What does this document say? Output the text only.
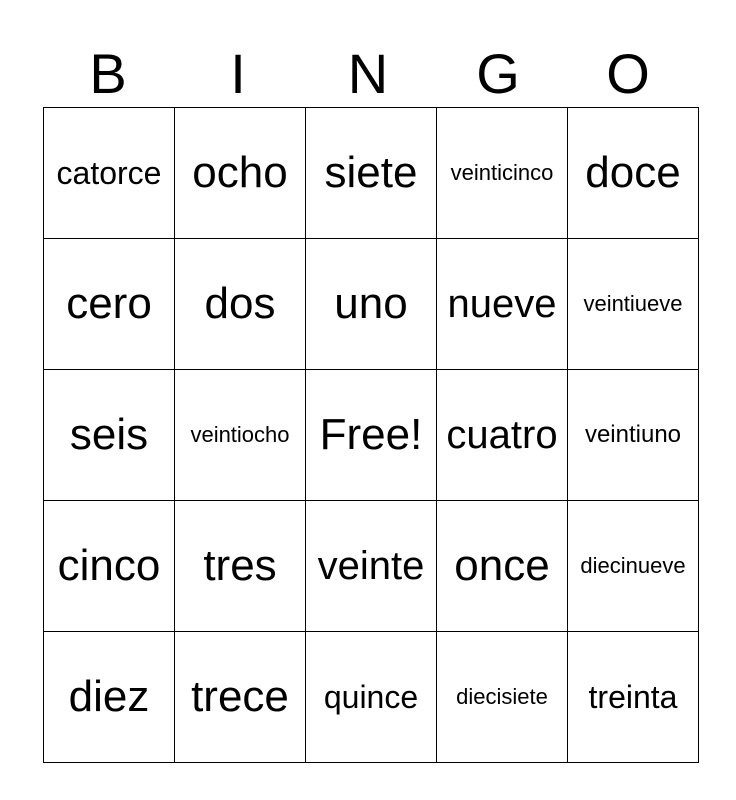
B	I	N	G	O
catorce	ocho	siete	veinticinco	doce
cero	dos	uno	nueve	veintiueve
seis	veintiocho	Free!	cuatro	veintiuno
cinco	tres	veinte	once	diecinueve
diez	trece	quince	diecisiete	treinta
